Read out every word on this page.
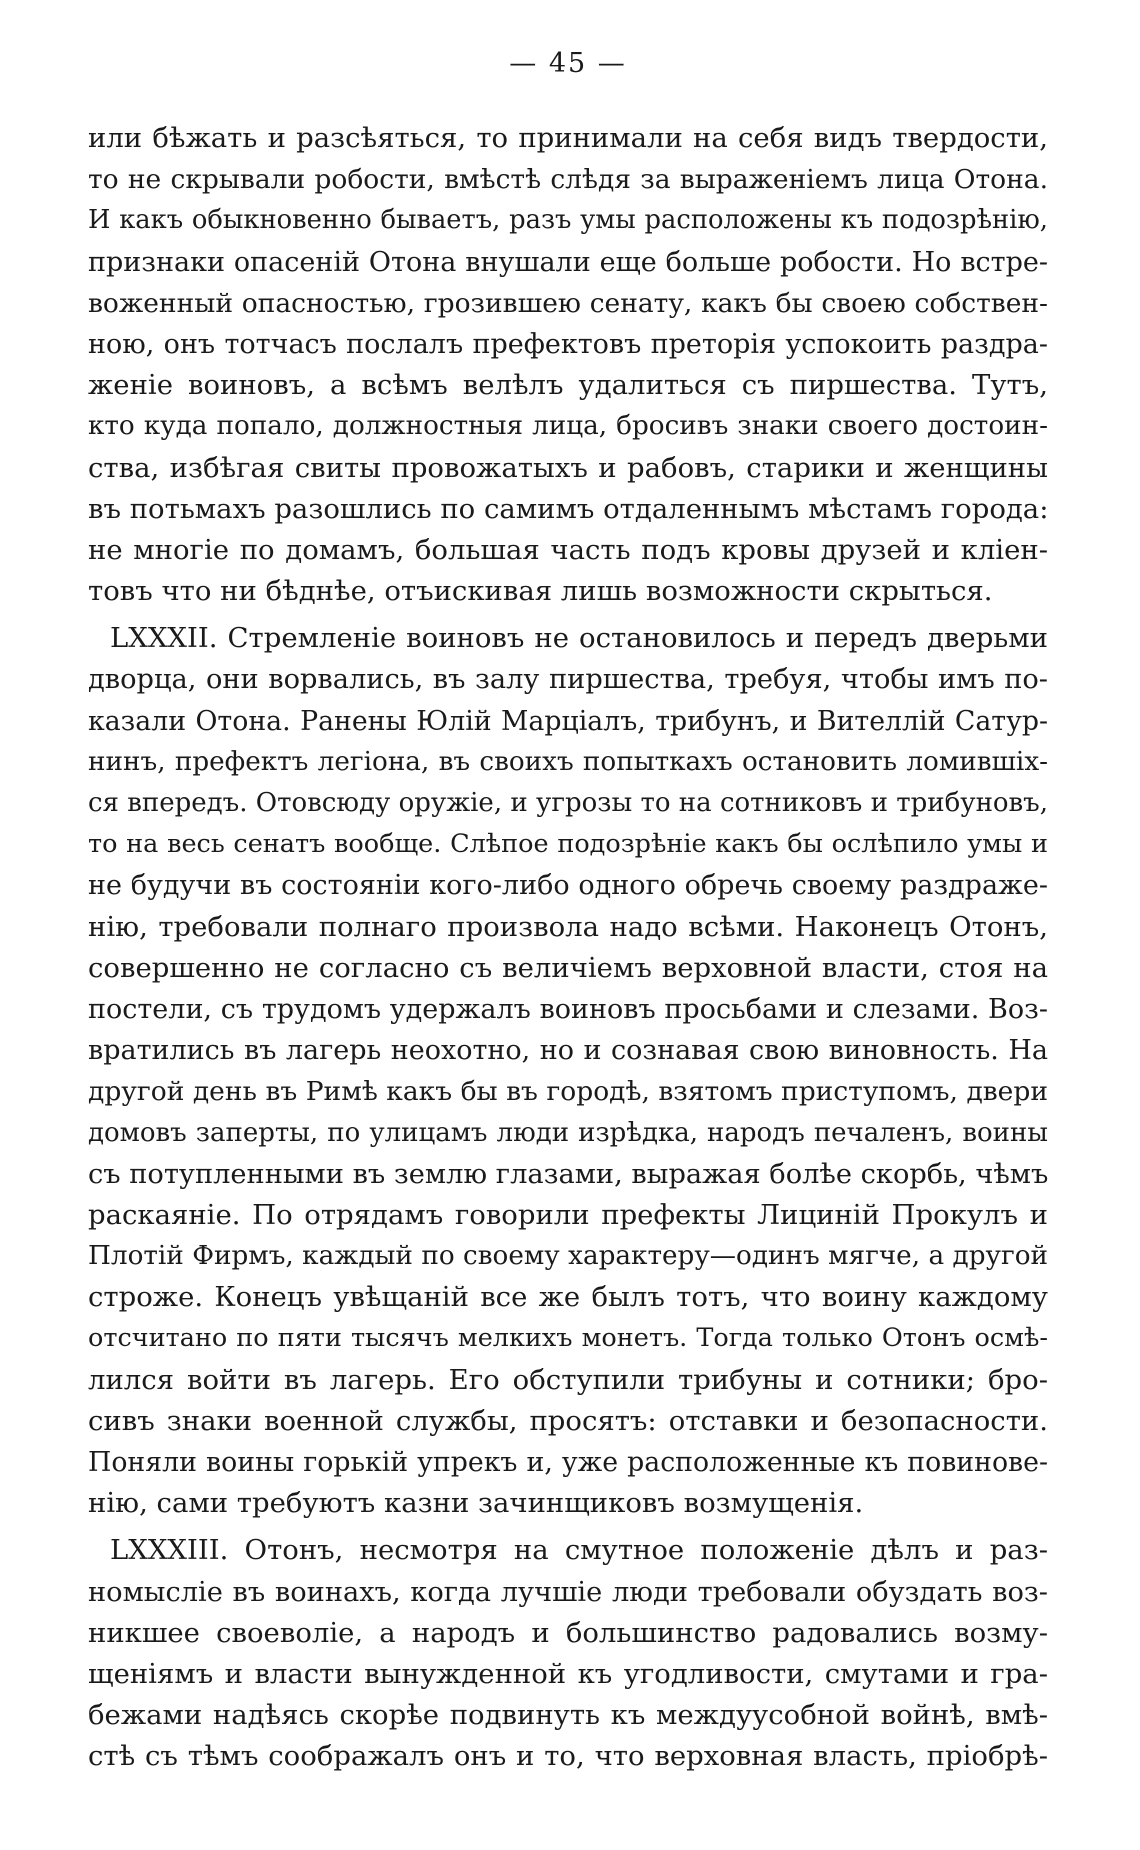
— 45 —
или бѣжать и разсѣяться, то принимали на себя видъ твердости,
то не скрывали робости, вмѣстѣ слѣдя за выраженіемъ лица Отона.
И какъ обыкновенно бываетъ, разъ умы расположены къ подозрѣнію,
признаки опасеній Отона внушали еще больше робости. Но встре-
воженный опасностью, грозившею сенату, какъ бы своею собствен-
ною, онъ тотчасъ послалъ префектовъ преторія успокоить раздра-
женіе воиновъ, а всѣмъ велѣлъ удалиться съ пиршества. Тутъ,
кто куда попало, должностныя лица, бросивъ знаки своего достоин-
ства, избѣгая свиты провожатыхъ и рабовъ, старики и женщины
въ потьмахъ разошлись по самимъ отдаленнымъ мѣстамъ города:
не многіе по домамъ, большая часть подъ кровы друзей и кліен-
товъ что ни бѣднѣе, отъискивая лишь возможности скрыться.
LXXXII. Стремленіе воиновъ не остановилось и передъ дверьми
дворца, они ворвались, въ залу пиршества, требуя, чтобы имъ по-
казали Отона. Ранены Юлій Марціалъ, трибунъ, и Вителлій Сатур-
нинъ, префектъ легіона, въ своихъ попыткахъ остановить ломившіх-
ся впередъ. Отовсюду оружіе, и угрозы то на сотниковъ и трибуновъ,
то на весь сенатъ вообще. Слѣпое подозрѣніе какъ бы ослѣпило умы и
не будучи въ состояніи кого-либо одного обречь своему раздраже-
нію, требовали полнаго произвола надо всѣми. Наконецъ Отонъ,
совершенно не согласно съ величіемъ верховной власти, стоя на
постели, съ трудомъ удержалъ воиновъ просьбами и слезами. Воз-
вратились въ лагерь неохотно, но и сознавая свою виновность. На
другой день въ Римѣ какъ бы въ городѣ, взятомъ приступомъ, двери
домовъ заперты, по улицамъ люди изрѣдка, народъ печаленъ, воины
съ потупленными въ землю глазами, выражая болѣе скорбь, чѣмъ
раскаяніе. По отрядамъ говорили префекты Лициній Прокулъ и
Плотій Фирмъ, каждый по своему характеру—одинъ мягче, а другой
строже. Конецъ увѣщаній все же былъ тотъ, что воину каждому
отсчитано по пяти тысячъ мелкихъ монетъ. Тогда только Отонъ осмѣ-
лился войти въ лагерь. Его обступили трибуны и сотники; бро-
сивъ знаки военной службы, просятъ: отставки и безопасности.
Поняли воины горькій упрекъ и, уже расположенные къ повинове-
нію, сами требуютъ казни зачинщиковъ возмущенія.
LXXXIII. Отонъ, несмотря на смутное положеніе дѣлъ и раз-
номысліе въ воинахъ, когда лучшіе люди требовали обуздать воз-
никшее своеволіе, а народъ и большинство радовались возму-
щеніямъ и власти вынужденной къ угодливости, смутами и гра-
бежами надѣясь скорѣе подвинуть къ междуусобной войнѣ, вмѣ-
стѣ съ тѣмъ соображалъ онъ и то, что верховная власть, пріобрѣ-
